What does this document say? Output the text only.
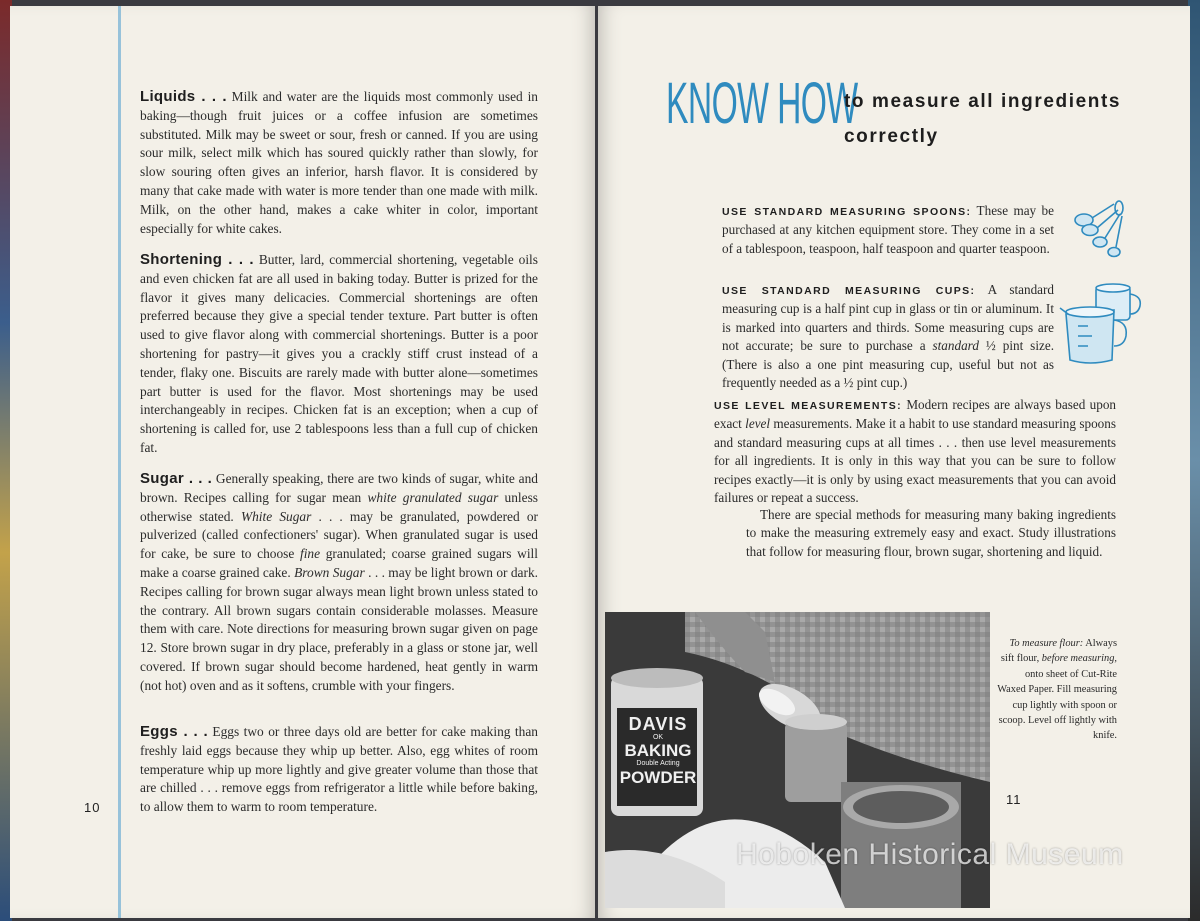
Liquids . . . Milk and water are the liquids most commonly used in baking—though fruit juices or a coffee infusion are sometimes substituted. Milk may be sweet or sour, fresh or canned. If you are using sour milk, select milk which has soured quickly rather than slowly, for slow souring often gives an inferior, harsh flavor. It is considered by many that cake made with water is more tender than one made with milk. Milk, on the other hand, makes a cake whiter in color, important especially for white cakes.
Shortening . . . Butter, lard, commercial shortening, vegetable oils and even chicken fat are all used in baking today. Butter is prized for the flavor it gives many delicacies. Commercial shortenings are often preferred because they give a special tender texture. Part butter is often used to give flavor along with commercial shortenings. Butter is a poor shortening for pastry—it gives you a crackly stiff crust instead of a tender, flaky one. Biscuits are rarely made with butter alone—sometimes part butter is used for the flavor. Most shortenings may be used interchangeably in recipes. Chicken fat is an exception; when a cup of shortening is called for, use 2 tablespoons less than a full cup of chicken fat.
Sugar . . . Generally speaking, there are two kinds of sugar, white and brown. Recipes calling for sugar mean white granulated sugar unless otherwise stated. White Sugar . . . may be granulated, powdered or pulverized (called confectioners' sugar). When granulated sugar is used for cake, be sure to choose fine granulated; coarse grained sugars will make a coarse grained cake. Brown Sugar . . . may be light brown or dark. Recipes calling for brown sugar always mean light brown unless stated to the contrary. All brown sugars contain considerable molasses. Measure them with care. Note directions for measuring brown sugar given on page 12. Store brown sugar in dry place, preferably in a glass or stone jar, well covered. If brown sugar should become hardened, heat gently in warm (not hot) oven and as it softens, crumble with your fingers.
Eggs . . . Eggs two or three days old are better for cake making than freshly laid eggs because they whip up better. Also, egg whites of room temperature whip up more lightly and give greater volume than those that are chilled . . . remove eggs from refrigerator a little while before baking, to allow them to warm to room temperature.
10
KNOW HOW
to measure all ingredients correctly
USE STANDARD MEASURING SPOONS: These may be purchased at any kitchen equipment store. They come in a set of a tablespoon, teaspoon, half teaspoon and quarter teaspoon.
USE STANDARD MEASURING CUPS: A standard measuring cup is a half pint cup in glass or tin or aluminum. It is marked into quarters and thirds. Some measuring cups are not accurate; be sure to purchase a standard ½ pint size. (There is also a one pint measuring cup, useful but not as frequently needed as a ½ pint cup.)
USE LEVEL MEASUREMENTS: Modern recipes are always based upon exact level measurements. Make it a habit to use standard measuring spoons and standard measuring cups at all times . . . then use level measurements for all ingredients. It is only in this way that you can be sure to follow recipes exactly—it is only by using exact measurements that you can avoid failures or repeat a success.
There are special methods for measuring many baking ingredients to make the measuring extremely easy and exact. Study illustrations that follow for measuring flour, brown sugar, shortening and liquid.
DAVIS
OK
BAKING
Double Acting
POWDER
To measure flour: Always sift flour, before measuring, onto sheet of Cut-Rite Waxed Paper. Fill measuring cup lightly with spoon or scoop. Level off lightly with knife.
11
Hoboken Historical Museum
